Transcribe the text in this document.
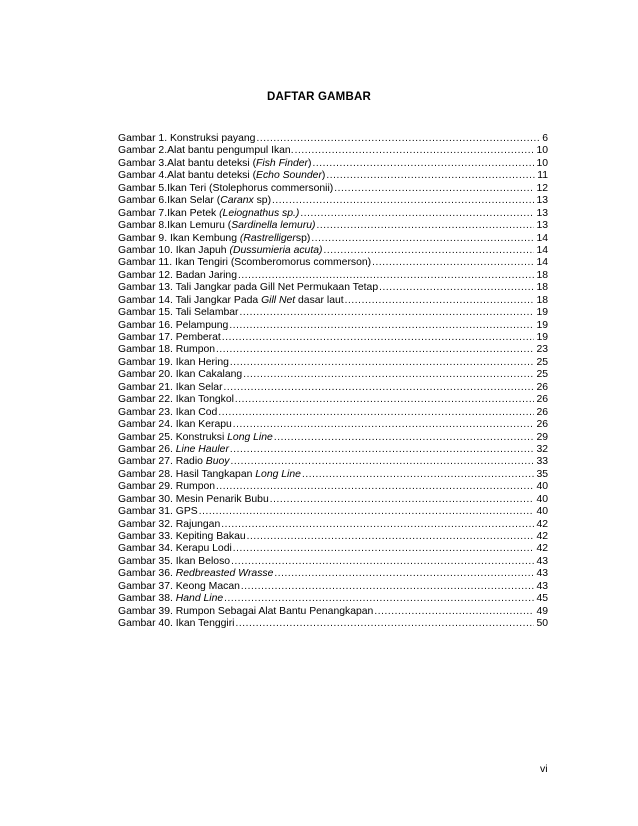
DAFTAR GAMBAR
Gambar 1. Konstruksi payang .....	6
Gambar 2.Alat bantu pengumpul Ikan. .....	10
Gambar 3.Alat bantu deteksi (Fish Finder) .....	10
Gambar 4.Alat bantu deteksi (Echo Sounder) .....	11
Gambar 5.Ikan Teri (Stolephorus commersonii) .....	12
Gambar 6.Ikan Selar (Caranx sp) .....	13
Gambar 7.Ikan Petek (Leiognathus sp.) .....	13
Gambar 8.Ikan Lemuru (Sardinella lemuru) .....	13
Gambar 9. Ikan Kembung (Rastrelligersp) .....	14
Gambar 10. Ikan Japuh (Dussumieria acuta) .....	14
Gambar 11. Ikan Tengiri (Scomberomorus commerson) .....	14
Gambar 12. Badan Jaring .....	18
Gambar 13. Tali Jangkar pada Gill Net Permukaan Tetap .....	18
Gambar 14. Tali Jangkar Pada Gill Net dasar laut .....	18
Gambar 15. Tali Selambar .....	19
Gambar 16. Pelampung .....	19
Gambar 17. Pemberat .....	19
Gambar 18. Rumpon .....	23
Gambar 19. Ikan Hering .....	25
Gambar 20. Ikan Cakalang .....	25
Gambar 21. Ikan Selar .....	26
Gambar 22. Ikan Tongkol .....	26
Gambar 23. Ikan Cod .....	26
Gambar 24. Ikan Kerapu .....	26
Gambar 25. Konstruksi Long Line .....	29
Gambar 26. Line Hauler .....	32
Gambar 27. Radio Buoy .....	33
Gambar 28. Hasil Tangkapan Long Line .....	35
Gambar 29. Rumpon .....	40
Gambar 30. Mesin Penarik Bubu .....	40
Gambar 31. GPS .....	40
Gambar 32. Rajungan .....	42
Gambar 33. Kepiting Bakau .....	42
Gambar 34. Kerapu Lodi .....	42
Gambar 35. Ikan Beloso .....	43
Gambar 36. Redbreasted Wrasse .....	43
Gambar 37. Keong Macan .....	43
Gambar 38. Hand Line .....	45
Gambar 39. Rumpon Sebagai Alat Bantu Penangkapan .....	49
Gambar 40. Ikan Tenggiri .....	50
vi
